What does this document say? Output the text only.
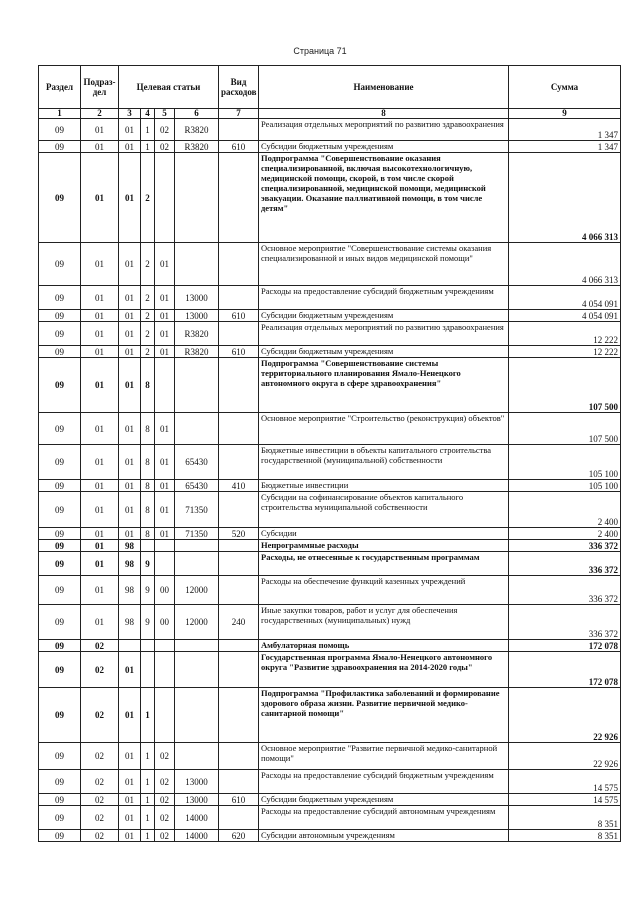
Страница 71
Раздел	Подраз-дел	Целевая статьи				Вид расходов	Наименование	Сумма
1	2	3	4	5	6	7	8	9
09	01	01	1	02	R3820		Реализация отдельных мероприятий по развитию здравоохранения	1 347
09	01	01	1	02	R3820	610	Субсидии бюджетным учреждениям	1 347
09	01	01	2				Подпрограмма "Совершенствование оказания специализированной, включая высокотехнологичную, медицинской помощи, скорой, в том числе скорой специализированной, медицинской помощи, медицинской эвакуации. Оказание паллиативной помощи, в том числе детям"	4 066 313
09	01	01	2	01			Основное мероприятие "Совершенствование системы оказания специализированной и иных видов медицинской помощи"	4 066 313
09	01	01	2	01	13000		Расходы на предоставление субсидий бюджетным учреждениям	4 054 091
09	01	01	2	01	13000	610	Субсидии бюджетным учреждениям	4 054 091
09	01	01	2	01	R3820		Реализация отдельных мероприятий по развитию здравоохранения	12 222
09	01	01	2	01	R3820	610	Субсидии бюджетным учреждениям	12 222
09	01	01	8				Подпрограмма "Совершенствование системы территориального планирования Ямало-Ненецкого автономного округа в сфере здравоохранения"	107 500
09	01	01	8	01			Основное мероприятие "Строительство (реконструкция) объектов"	107 500
09	01	01	8	01	65430		Бюджетные инвестиции в объекты капитального строительства государственной (муниципальной) собственности	105 100
09	01	01	8	01	65430	410	Бюджетные инвестиции	105 100
09	01	01	8	01	71350		Субсидии на софинансирование объектов капитального строительства муниципальной собственности	2 400
09	01	01	8	01	71350	520	Субсидии	2 400
09	01	98					Непрограммные расходы	336 372
09	01	98	9				Расходы, не отнесенные к государственным программам	336 372
09	01	98	9	00	12000		Расходы на обеспечение функций казенных учреждений	336 372
09	01	98	9	00	12000	240	Иные закупки товаров, работ и услуг для обеспечения государственных (муниципальных) нужд	336 372
09	02						Амбулаторная помощь	172 078
09	02	01					Государственная программа Ямало-Ненецкого автономного округа "Развитие здравоохранения на 2014-2020 годы"	172 078
09	02	01	1				Подпрограмма "Профилактика заболеваний и формирование здорового образа жизни. Развитие первичной медико-санитарной помощи"	22 926
09	02	01	1	02			Основное мероприятие "Развитие первичной медико-санитарной помощи"	22 926
09	02	01	1	02	13000		Расходы на предоставление субсидий бюджетным учреждениям	14 575
09	02	01	1	02	13000	610	Субсидии бюджетным учреждениям	14 575
09	02	01	1	02	14000		Расходы на предоставление субсидий автономным учреждениям	8 351
09	02	01	1	02	14000	620	Субсидии автономным учреждениям	8 351
